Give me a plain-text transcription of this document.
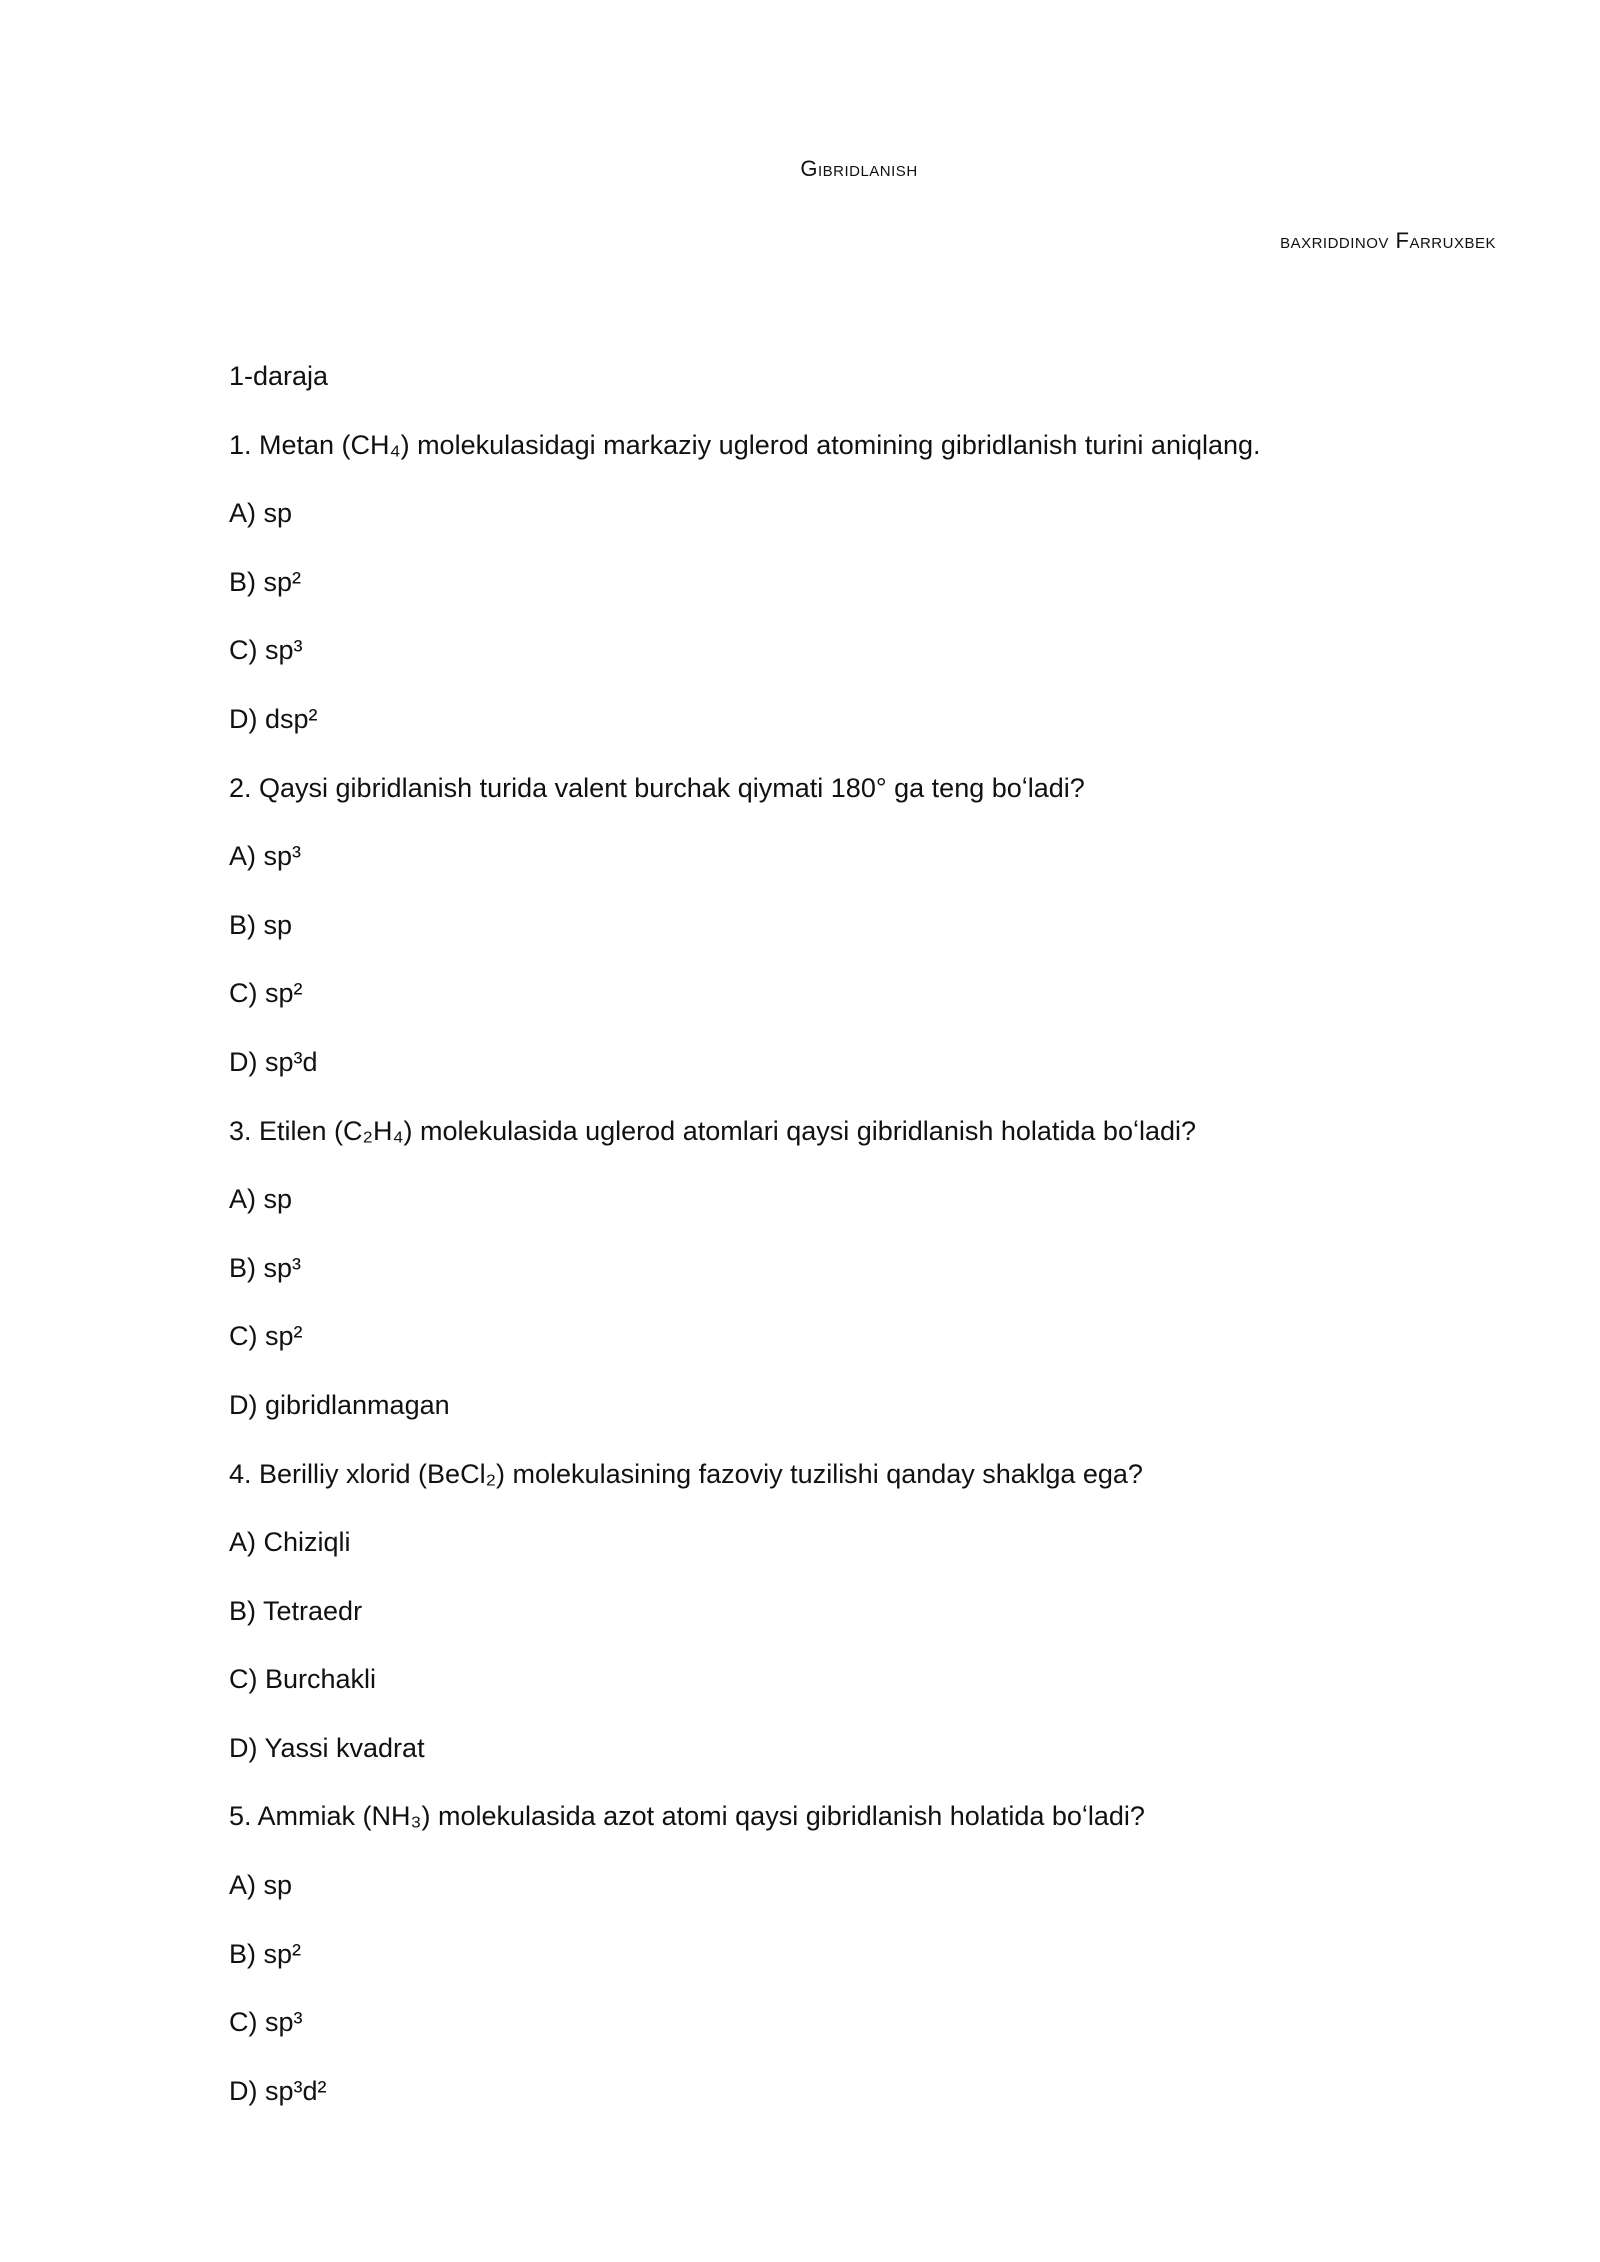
Gibridlanish
baxriddinov Farruxbek
1-daraja
1. Metan (CH₄) molekulasidagi markaziy uglerod atomining gibridlanish turini aniqlang.
A) sp
B) sp²
C) sp³
D) dsp²
2. Qaysi gibridlanish turida valent burchak qiymati 180° ga teng boʻladi?
A) sp³
B) sp
C) sp²
D) sp³d
3. Etilen (C₂H₄) molekulasida uglerod atomlari qaysi gibridlanish holatida boʻladi?
A) sp
B) sp³
C) sp²
D) gibridlanmagan
4. Berilliy xlorid (BeCl₂) molekulasining fazoviy tuzilishi qanday shaklga ega?
A) Chiziqli
B) Tetraedr
C) Burchakli
D) Yassi kvadrat
5. Ammiak (NH₃) molekulasida azot atomi qaysi gibridlanish holatida boʻladi?
A) sp
B) sp²
C) sp³
D) sp³d²
